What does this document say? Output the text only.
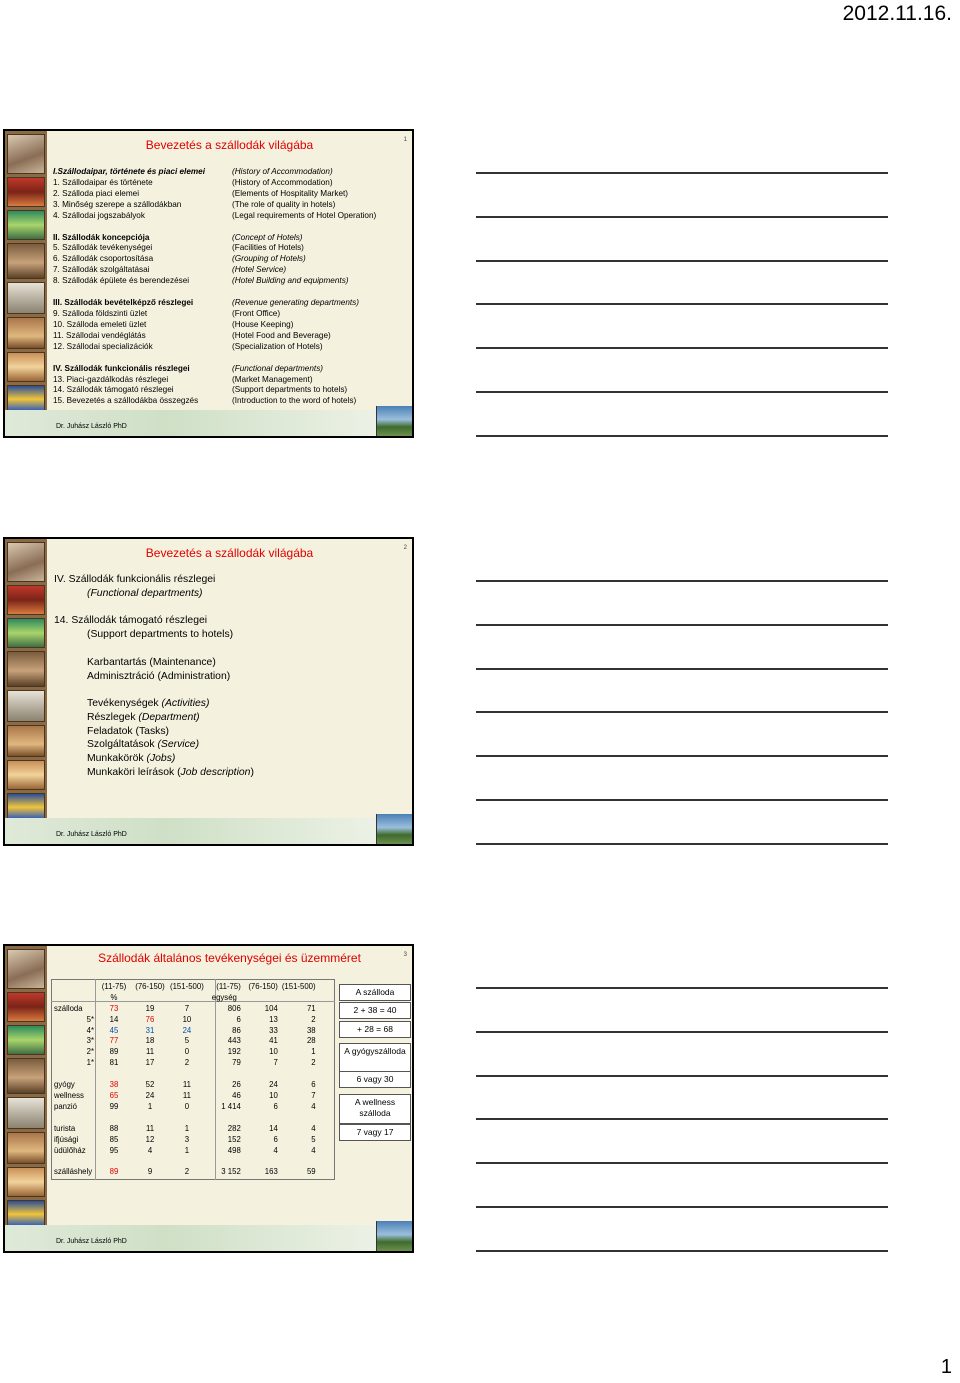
2012.11.16.
Bevezetés a szállodák világába	1
I.Szállodaipar, története és piaci elemei	(History of Accommodation)
1. Szállodaipar és története	(History of Accommodation)
2. Szálloda piaci elemei	(Elements of Hospitality Market)
3. Minőség szerepe a szállodákban	(The role of quality in hotels)
4. Szállodai jogszabályok	(Legal requirements of Hotel Operation)
II. Szállodák koncepciója	(Concept of Hotels)
5. Szállodák tevékenységei	(Facilities of Hotels)
6. Szállodák csoportosítása	(Grouping of Hotels)
7. Szállodák szolgáltatásai	(Hotel Service)
8. Szállodák épülete és berendezései	(Hotel Building and equipments)
III. Szállodák bevételképző részlegei	(Revenue generating departments)
9. Szálloda földszinti üzlet	(Front Office)
10. Szálloda emeleti üzlet	(House Keeping)
11. Szállodai vendéglátás	(Hotel Food and Beverage)
12. Szállodai specializációk	(Specialization of Hotels)
IV. Szállodák funkcionális részlegei	(Functional departments)
13. Piaci-gazdálkodás részlegei	(Market Management)
14. Szállodák támogató részlegei	(Support departments to hotels)
15. Bevezetés a szállodákba összegzés	(Introduction to the word of hotels)
Dr. Juhász László PhD
Bevezetés a szállodák világába	2
IV. Szállodák funkcionális részlegei
(Functional departments)
14. Szállodák támogató részlegei
(Support departments to hotels)
Karbantartás (Maintenance)
Adminisztráció (Administration)
Tevékenységek (Activities)
Részlegek (Department)
Feladatok (Tasks)
Szolgáltatások (Service)
Munkakörök (Jobs)
Munkaköri leírások (Job description)
Dr. Juhász László PhD
Szállodák általános tevékenységei és üzemméret	3
	(11-75)	(76-150)	(151-500)	(11-75)	(76-150)	(151-500)
	%			egység		
szálloda	73	19	7	806	104	71
5*	14	76	10	6	13	2
4*	45	31	24	86	33	38
3*	77	18	5	443	41	28
2*	89	11	0	192	10	1
1*	81	17	2	79	7	2

gyógy	38	52	11	26	24	6
wellness	65	24	11	46	10	7
panzió	99	1	0	1 414	6	4

turista	88	11	1	282	14	4
ifjúsági	85	12	3	152	6	5
üdülőház	95	4	1	498	4	4

szálláshely	89	9	2	3 152	163	59
A szálloda
2 + 38 = 40
+ 28 = 68
A gyógyszálloda
6 vagy 30
A wellness szálloda
7 vagy 17
Dr. Juhász László PhD
1
